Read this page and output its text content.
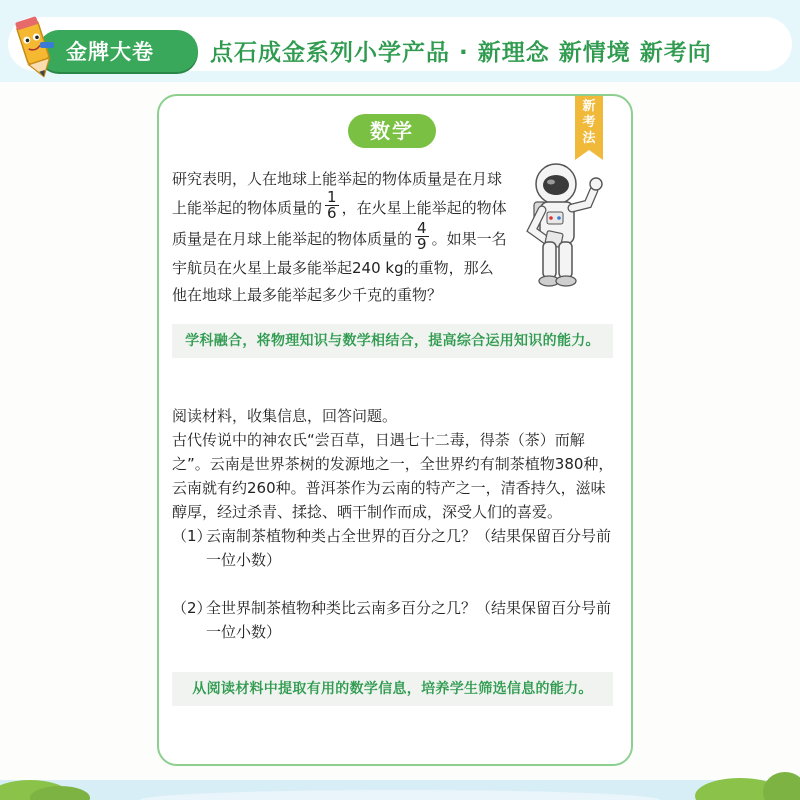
金牌大卷 点石成金系列小学产品 · 新理念 新情境 新考向
数学
新考法
研究表明，人在地球上能举起的物体质量是在月球
上能举起的物体质量的 $\frac{1}{6}$ ，在火星上能举起的物体
质量是在月球上能举起的物体质量的 $\frac{4}{9}$ 。如果一名
宇航员在火星上最多能举起240 kg的重物，那么
他在地球上最多能举起多少千克的重物？
学科融合，将物理知识与数学相结合，提高综合运用知识的能力。

阅读材料，收集信息，回答问题。

古代传说中的神农氏“尝百草，日遇七十二毒，得荼（茶）而解之”。云南是世界茶树的发源地之一，全世界约有制茶植物380种，云南就有约260种。普洱茶作为云南的特产之一，清香持久，滋味醇厚，经过杀青、揉捻、晒干制作而成，深受人们的喜爱。

（1）
云南制茶植物种类占全世界的百分之几？（结果保留百分号前一位小数）
（2）
全世界制茶植物种类比云南多百分之几？（结果保留百分号前一位小数）
从阅读材料中提取有用的数学信息，培养学生筛选信息的能力。
